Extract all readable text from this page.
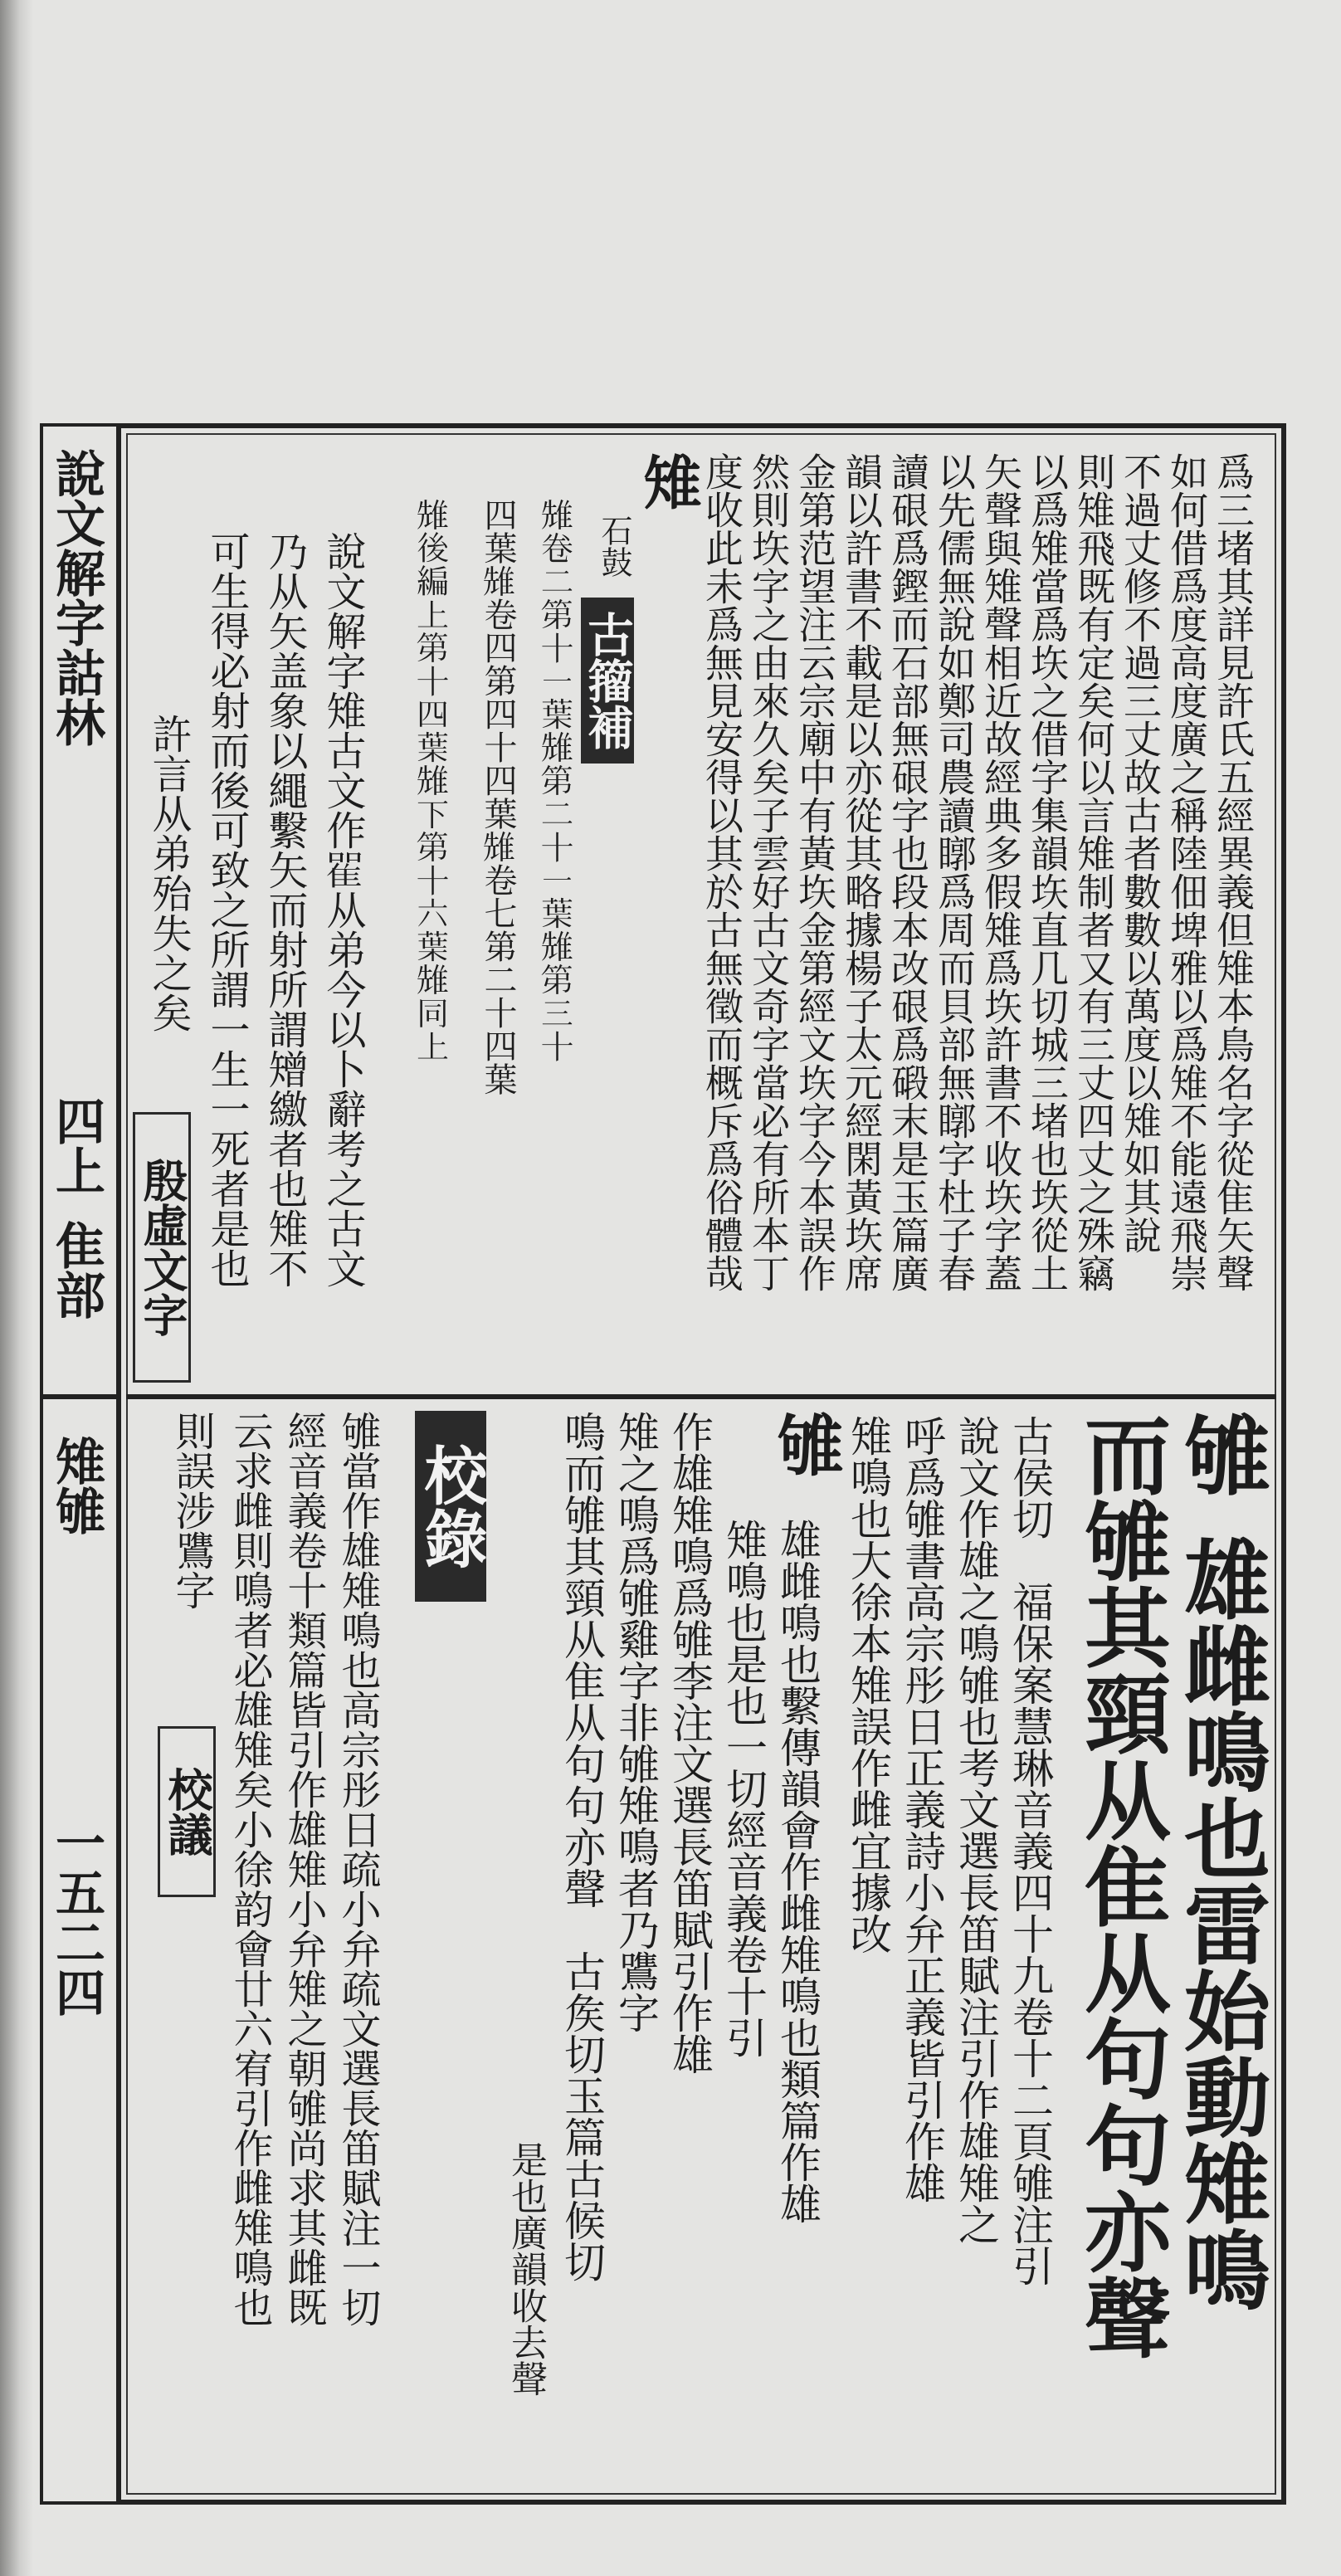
說文解字詁林
四上
隹部
雉雊
一五二四
爲三堵其詳見許氏五經異義但雉本鳥名字從隹矢聲
如何借爲度高度廣之稱陸佃埤雅以爲雉不能遠飛崇
不過丈修不過三丈故古者數數以萬度以雉如其說
則雉飛既有定矣何以言雉制者又有三丈四丈之殊竊
以爲雉當爲垁之借字集韻垁直几切城三堵也垁從土
矢聲與雉聲相近故經典多假雉爲垁許書不收垁字蓋
以先儒無說如鄭司農讀䁨爲周而貝部無䁨字杜子春
讀硍爲鏗而石部無硍字也段本改硍爲碫末是玉篇廣
韻以許書不載是以亦從其略據楊子太元經閑黃垁席
金第范望注云宗廟中有黃垁金第經文垁字今本誤作
然則垁字之由來久矣子雲好古文奇字當必有所本丁
度收此未爲無見安得以其於古無徵而概斥爲俗體哉
雉
石鼓
古籀補
𨾷卷二第十一葉𨾷第二十一葉𨾷第三十
四葉𨾷卷四第四十四葉𨾷卷七第二十四葉
𨾷後編上第十四葉𨾷下第十六葉𨾷同上
說文解字雉古文作𨾴从弟今以卜辭考之古文
乃从矢盖象以繩繫矢而射所謂矰繳者也雉不
可生得必射而後可致之所謂一生一死者是也
許言从弟殆失之矣
殷虛文字
雊
雄雌鳴也雷始動雉鳴
而雊其頸从隹从句句亦聲
古侯切　福保案慧琳音義四十九卷十二頁雊注引
說文作雄之鳴雊也考文選長笛賦注引作雄雉之
呼爲雊書高宗彤日正義詩小弁正義皆引作雄
雉鳴也大徐本雉誤作雌宜據改
雊
雄雌鳴也繫傳韻會作雌雉鳴也類篇作雄
雉鳴也是也一切經音義卷十引
作雄雉鳴爲雊李注文選長笛賦引作雄
雉之鳴爲雊雞字非雊雉鳴者乃鷕字
鳴而雊其頸从隹从句句亦聲　古矦切玉篇古候切
是也廣韻收去聲
校錄
雊當作雄雉鳴也高宗彤日疏小弁疏文選長笛賦注一切
經音義卷十類篇皆引作雄雉小弁雉之朝雊尚求其雌既
云求雌則鳴者必雄雉矣小徐韵會廿六宥引作雌雉鳴也
則誤涉鷕字
校議
